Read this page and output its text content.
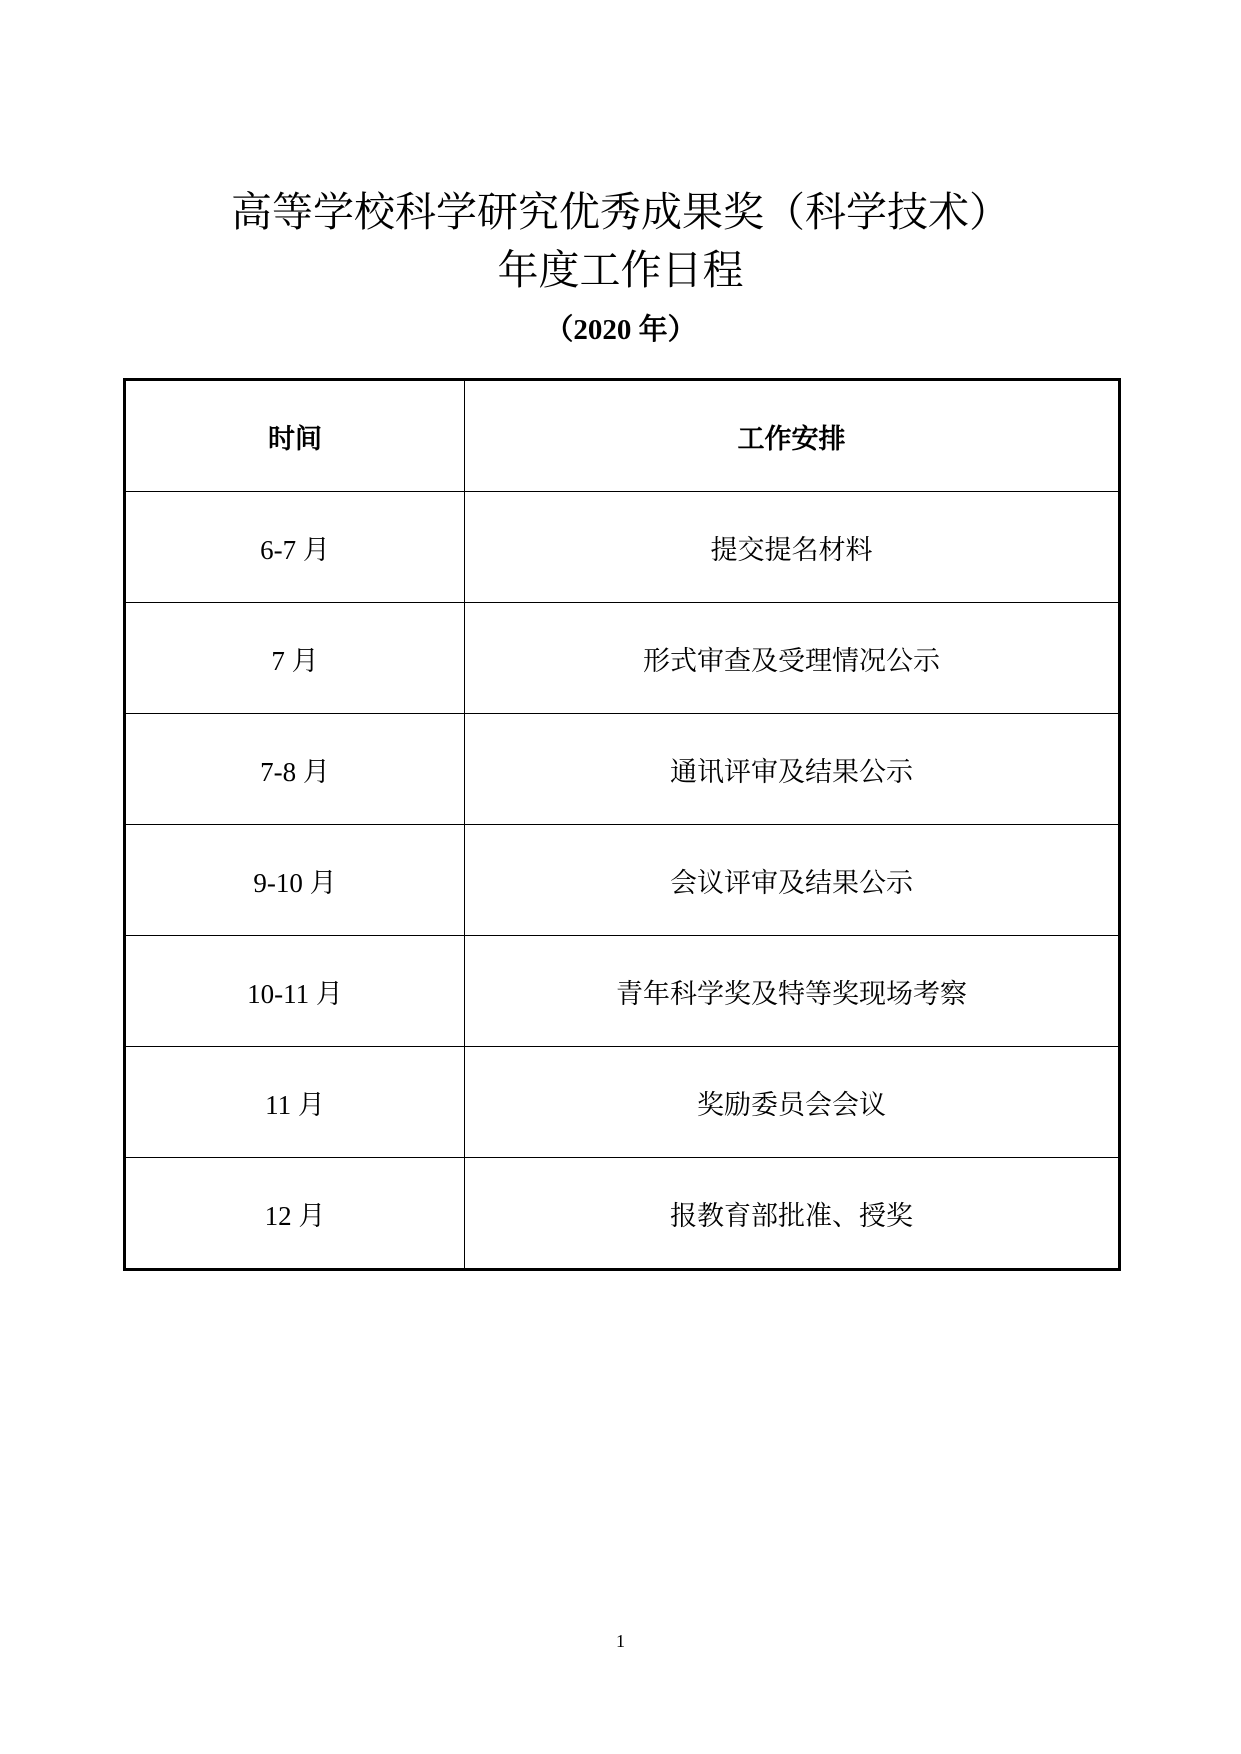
高等学校科学研究优秀成果奖（科学技术）
年度工作日程
（2020 年）
时间	工作安排
6-7 月	提交提名材料
7 月	形式审查及受理情况公示
7-8 月	通讯评审及结果公示
9-10 月	会议评审及结果公示
10-11 月	青年科学奖及特等奖现场考察
11 月	奖励委员会会议
12 月	报教育部批准、授奖
1
